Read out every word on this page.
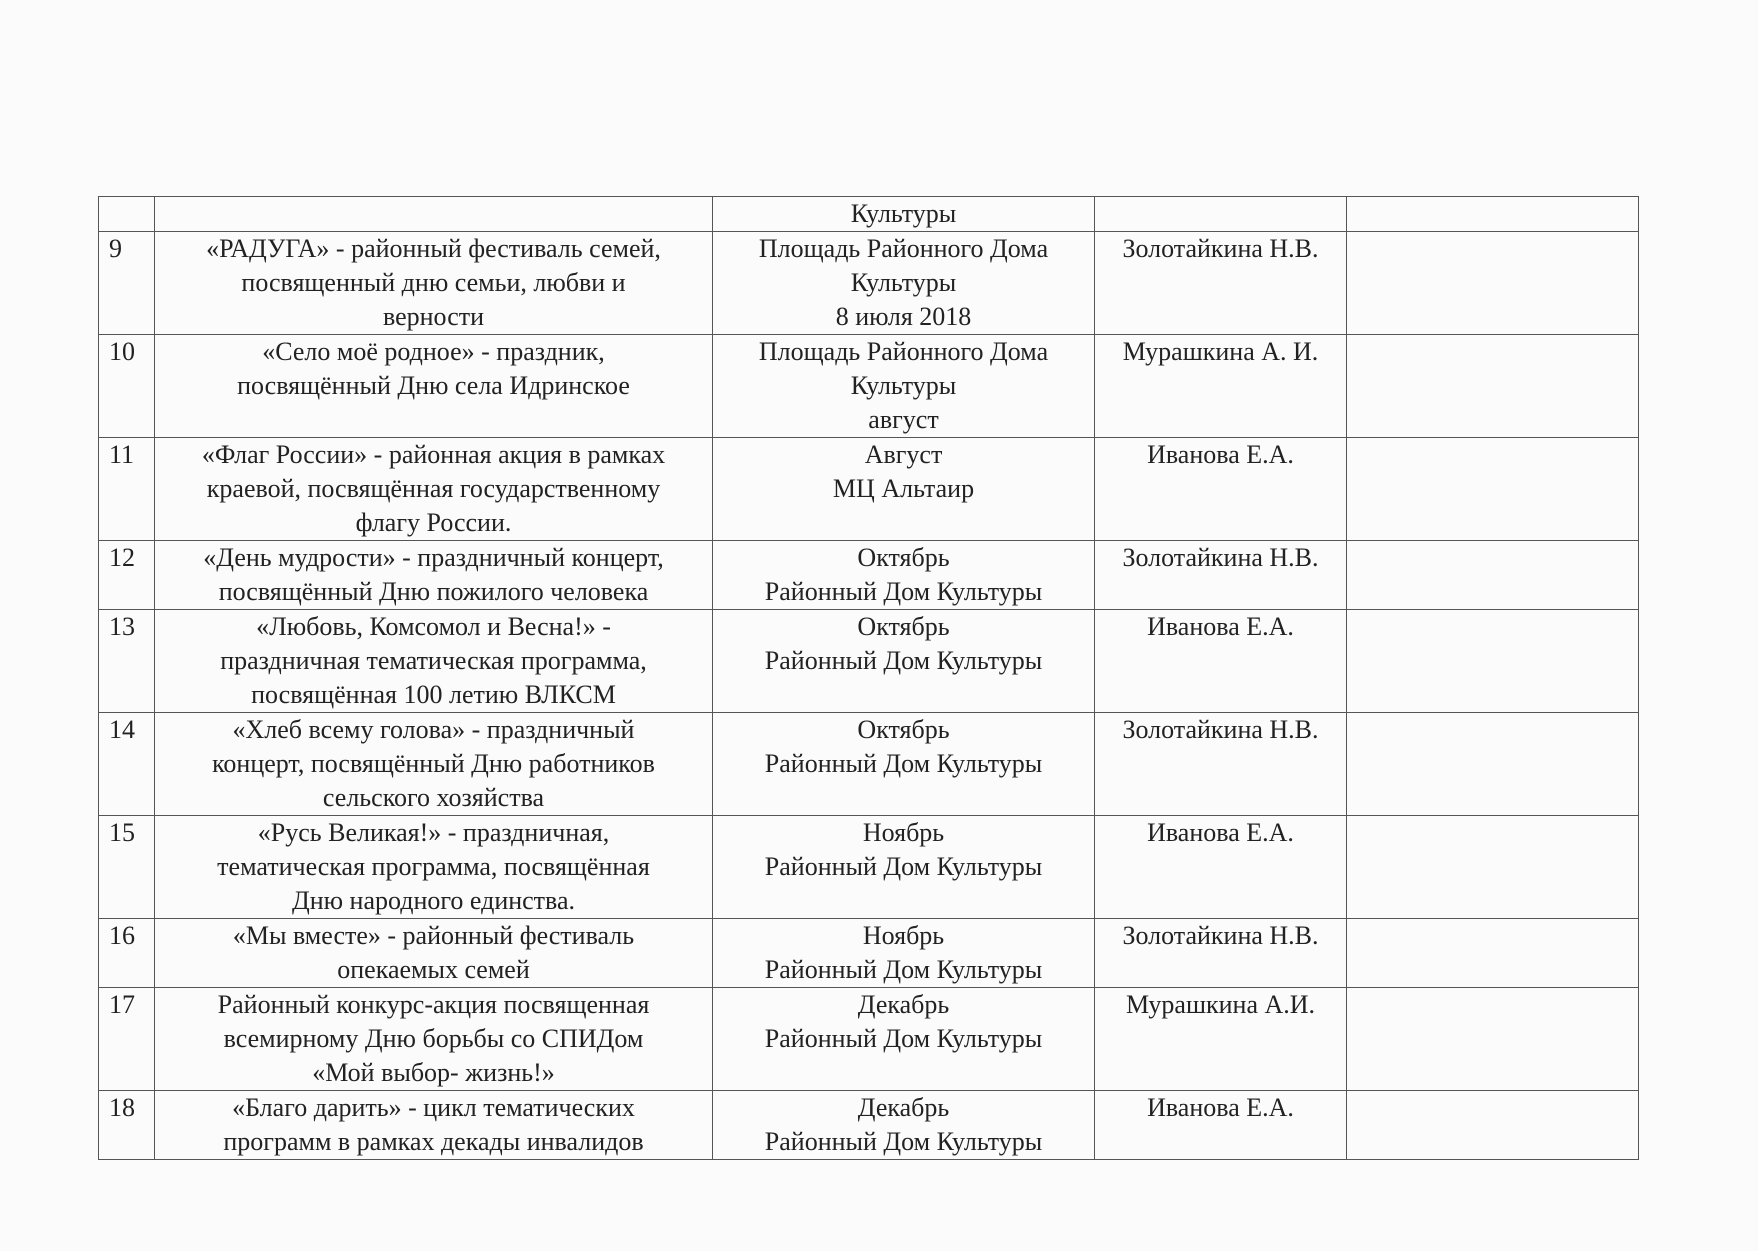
		Культуры		

9	«РАДУГА» - районный фестиваль семей,
посвященный дню семьи, любви и
верности	Площадь Районного Дома
Культуры
8 июля 2018	Золотайкина Н.В.	
10	«Село моё родное» - праздник,
посвящённый Дню села Идринское	Площадь Районного Дома
Культуры
август	Мурашкина А. И.	
11	«Флаг России» - районная акция в рамках
краевой, посвящённая государственному
флагу России.	Август
МЦ Альтаир	Иванова Е.А.	
12	«День мудрости» - праздничный концерт,
посвящённый Дню пожилого человека	Октябрь
Районный Дом Культуры	Золотайкина Н.В.	
13	«Любовь, Комсомол и Весна!» -
праздничная тематическая программа,
посвящённая 100 летию ВЛКСМ	Октябрь
Районный Дом Культуры	Иванова Е.А.	
14	«Хлеб всему голова» - праздничный
концерт, посвящённый Дню работников
сельского хозяйства	Октябрь
Районный Дом Культуры	Золотайкина Н.В.	
15	«Русь Великая!» - праздничная,
тематическая программа, посвящённая
Дню народного единства.	Ноябрь
Районный Дом Культуры	Иванова Е.А.	
16	«Мы вместе» - районный фестиваль
опекаемых семей	Ноябрь
Районный Дом Культуры	Золотайкина Н.В.	
17	Районный конкурс-акция посвященная
всемирному Дню борьбы со СПИДом
«Мой выбор- жизнь!»	Декабрь
Районный Дом Культуры	Мурашкина А.И.	
18	«Благо дарить» - цикл тематических
программ в рамках декады инвалидов	Декабрь
Районный Дом Культуры	Иванова Е.А.	
